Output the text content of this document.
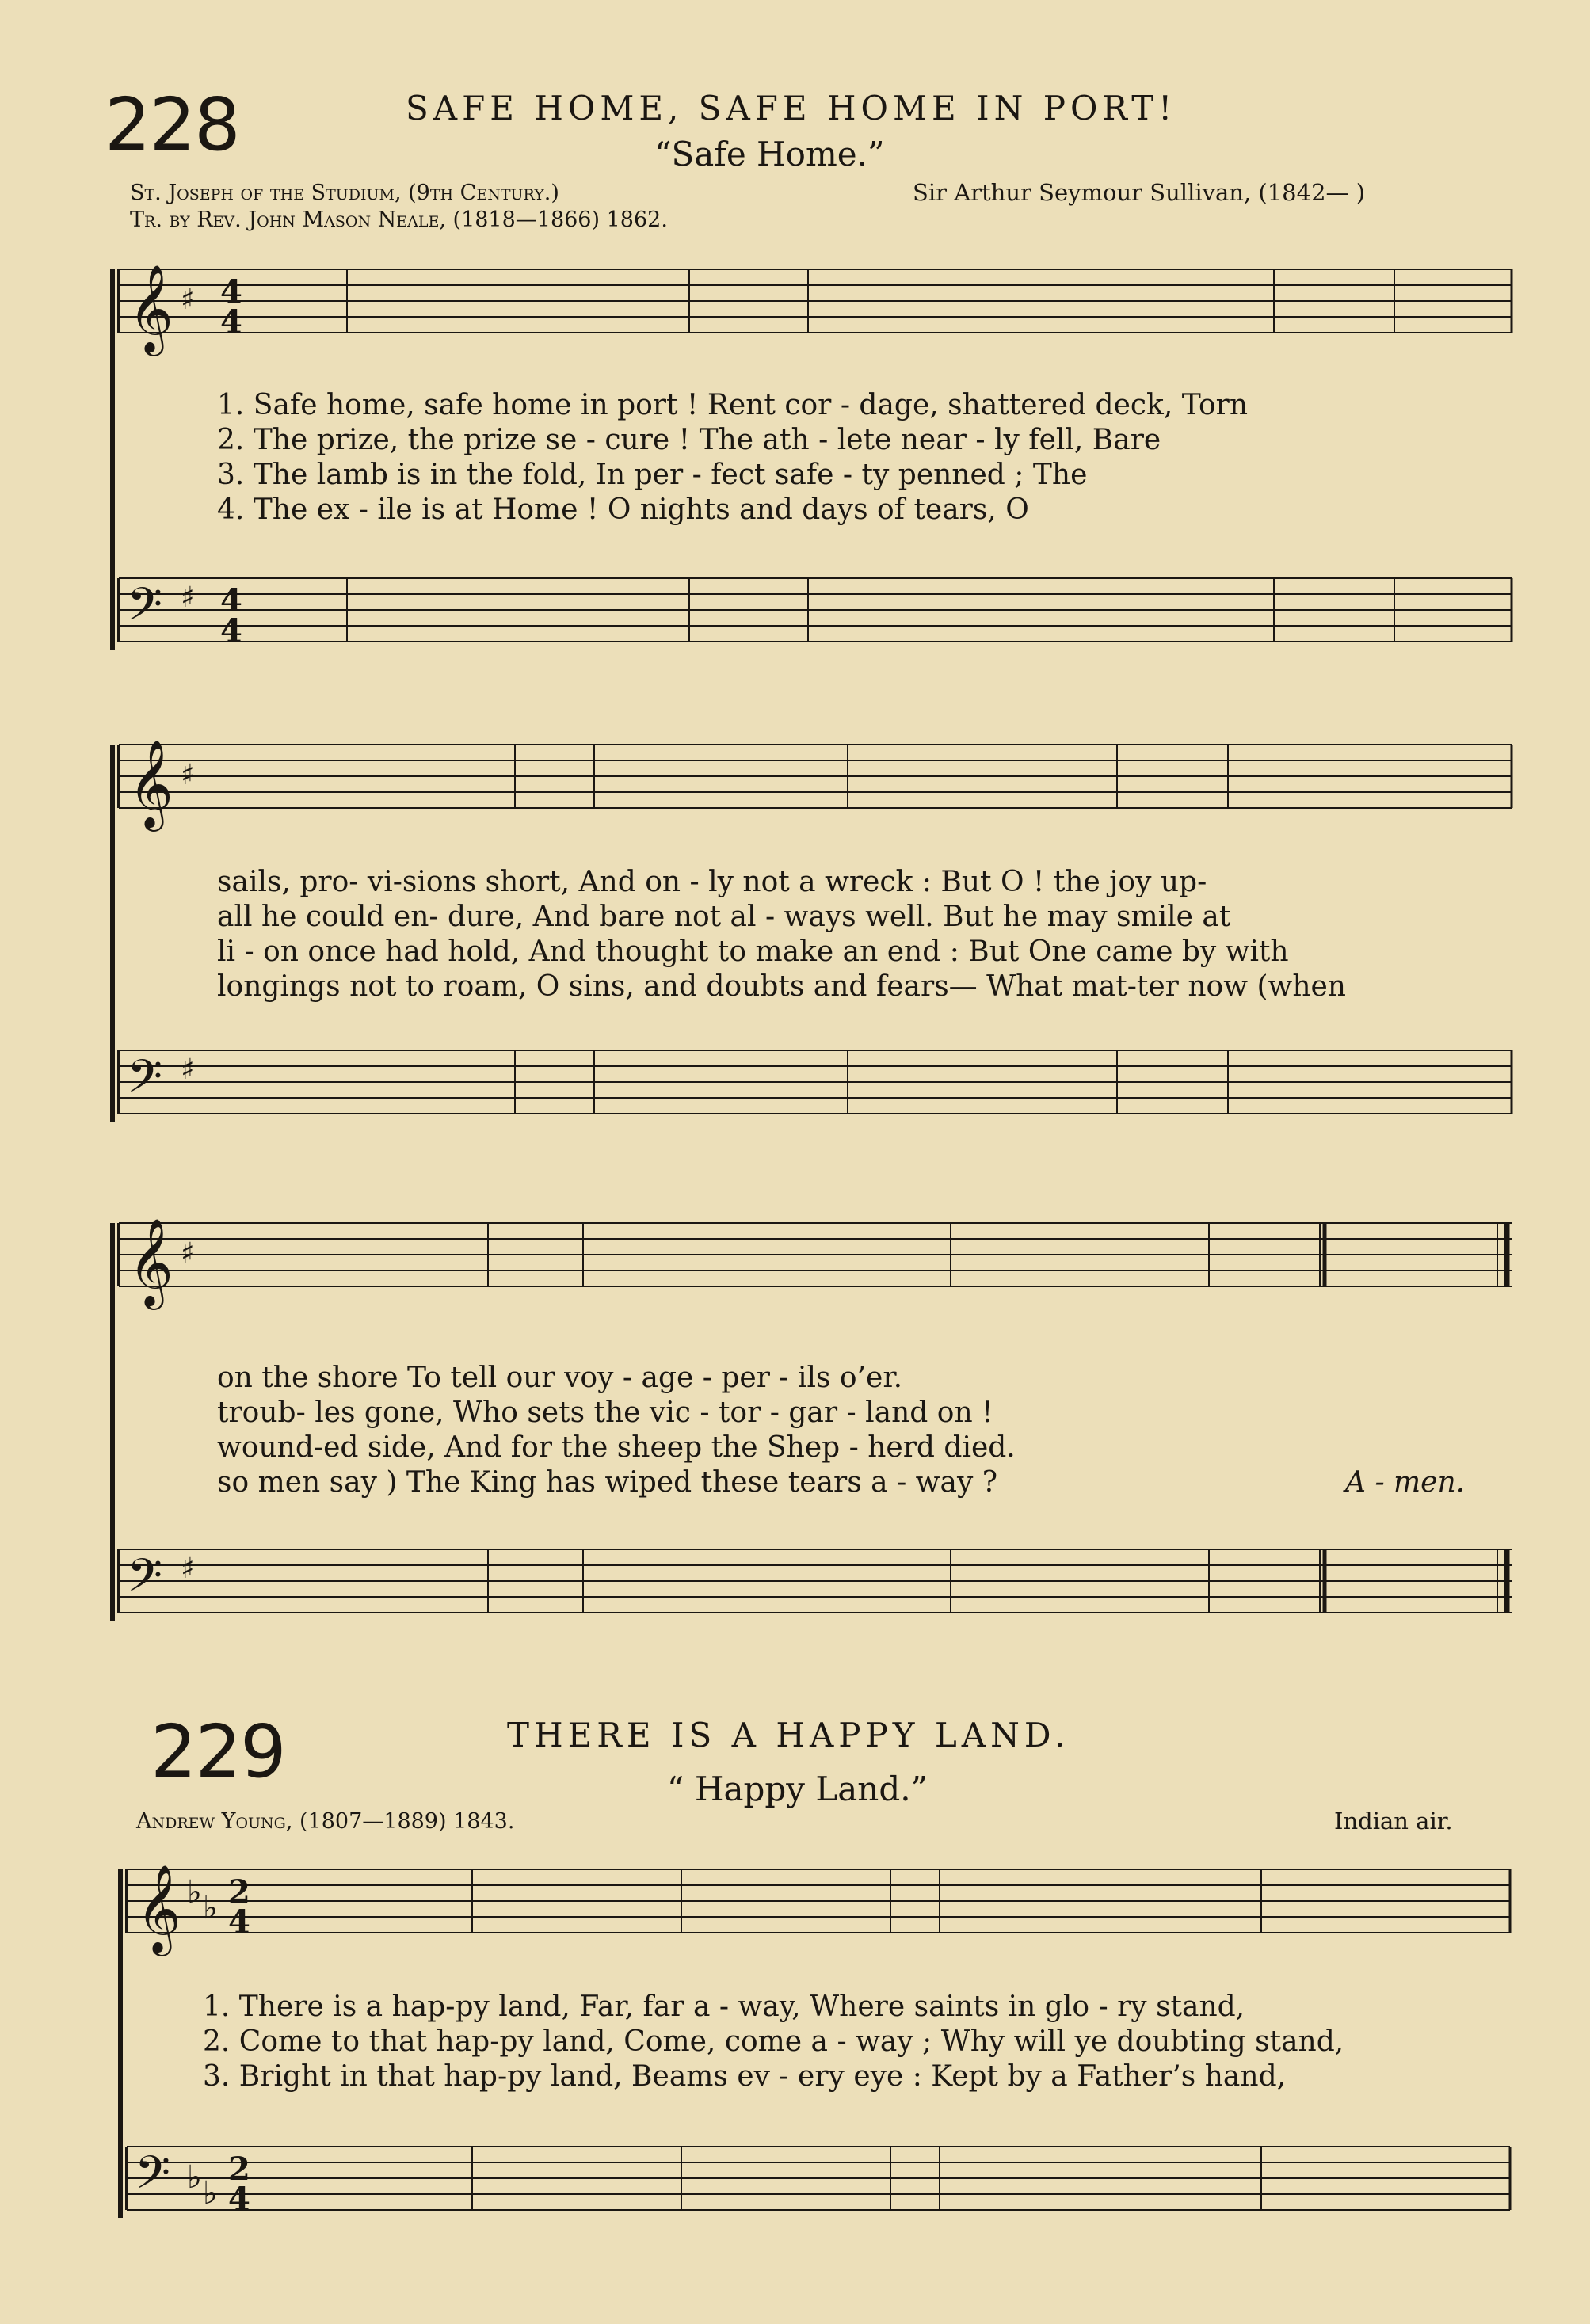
228	SAFE HOME, SAFE HOME IN PORT!
“Safe Home.”
St. Joseph of the Studium, (9th Century.)
Tr. by Rev. John Mason Neale, (1818—1866) 1862.
Sir Arthur Seymour Sullivan, (1842— )
𝄞 ♯ 4
4
1. Safe home, safe home in port ! Rent cor - dage, shattered deck, Torn
2. The prize, the prize se - cure ! The ath - lete near - ly fell, Bare
3. The lamb is in the fold, In per - fect safe - ty penned ; The
4. The ex - ile is at Home ! O nights and days of tears, O
𝄢 ♯ 4
4
𝄞 ♯
sails, pro- vi-sions short, And on - ly not a wreck : But O ! the joy up-
all he could en- dure, And bare not al - ways well. But he may smile at
li - on once had hold, And thought to make an end : But One came by with
longings not to roam, O sins, and doubts and fears— What mat-ter now (when
𝄢 ♯
𝄞 ♯
on the shore To tell our voy - age - per - ils o’er.
troub- les gone, Who sets the vic - tor - gar - land on !
wound-ed side, And for the sheep the Shep - herd died.
so men say ) The King has wiped these tears a - way ?	A - men.
𝄢 ♯
229	THERE IS A HAPPY LAND.
“ Happy Land.”
Andrew Young, (1807—1889) 1843.	Indian air.
𝄞 ♭ ♭ 2
4
1. There is a hap-py land, Far, far a - way, Where saints in glo - ry stand,
2. Come to that hap-py land, Come, come a - way ; Why will ye doubting stand,
3. Bright in that hap-py land, Beams ev - ery eye : Kept by a Father’s hand,
𝄢 ♭ ♭
2
4
